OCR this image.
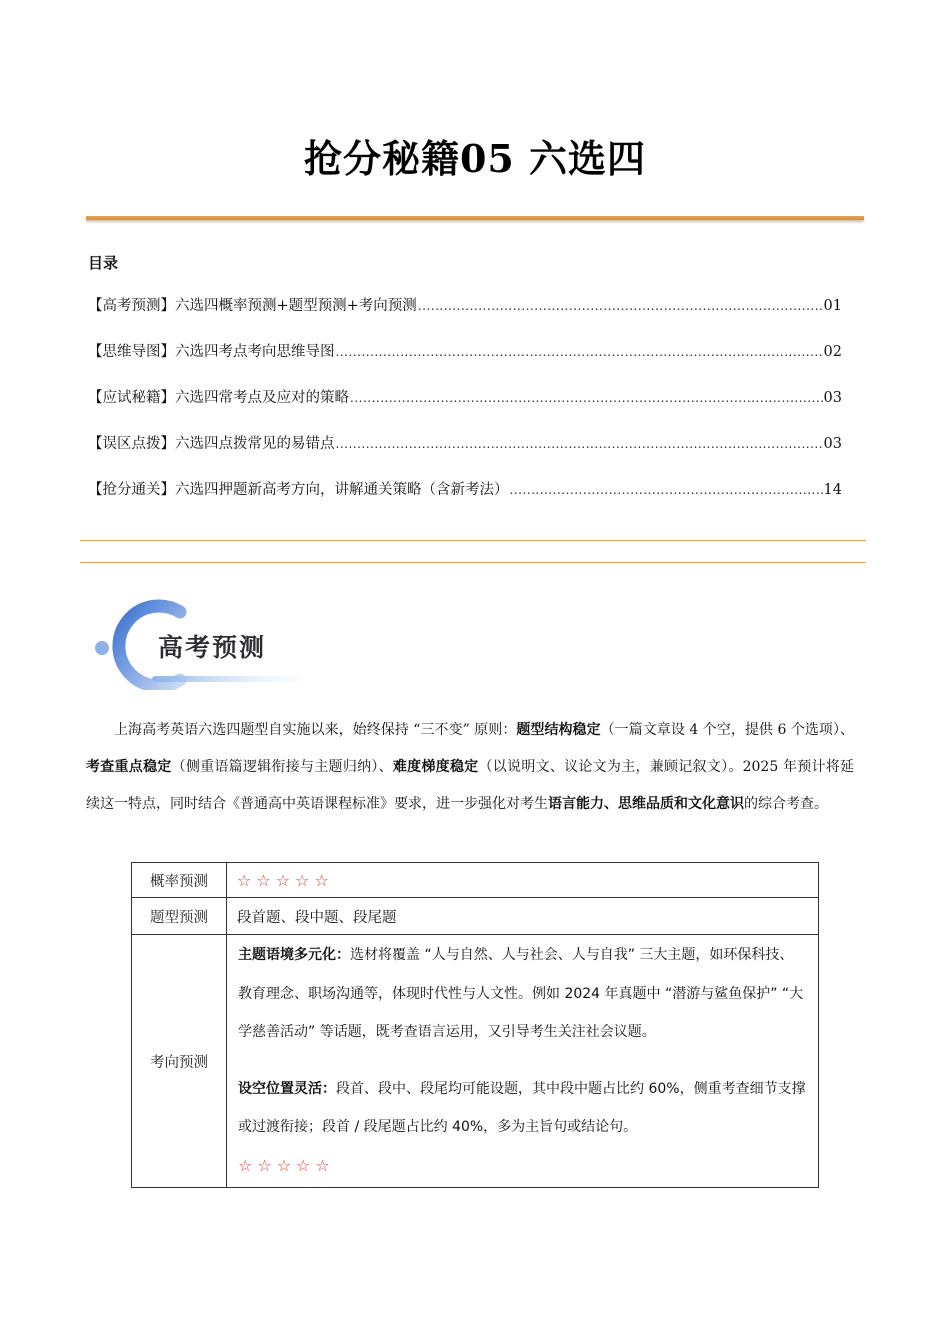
抢分秘籍05 六选四
目录
【高考预测】六选四概率预测+题型预测+考向预测 .....	01
【思维导图】六选四考点考向思维导图 .....	02
【应试秘籍】六选四常考点及应对的策略 .....	03
【误区点拨】六选四点拨常见的易错点 .....	03
【抢分通关】六选四押题新高考方向，讲解通关策略（含新考法） .....	14
高考预测
上海高考英语六选四题型自实施以来，始终保持 “三不变” 原则：题型结构稳定（一篇文章设 4 个空，提供 6 个选项）、考查重点稳定（侧重语篇逻辑衔接与主题归纳）、难度梯度稳定（以说明文、议论文为主，兼顾记叙文）。2025 年预计将延续这一特点，同时结合《普通高中英语课程标准》要求，进一步强化对考生语言能力、思维品质和文化意识的综合考查。
概率预测	☆☆☆☆☆
题型预测	段首题、段中题、段尾题
考向预测	主题语境多元化：选材将覆盖 “人与自然、人与社会、人与自我” 三大主题，如环保科技、教育理念、职场沟通等，体现时代性与人文性。例如 2024 年真题中 “潜游与鲨鱼保护” “大学慈善活动” 等话题，既考查语言运用，又引导考生关注社会议题。

设空位置灵活：段首、段中、段尾均可能设题，其中段中题占比约 60%，侧重考查细节支撑或过渡衔接；段首 / 段尾题占比约 40%，多为主旨句或结论句。

☆☆☆☆☆
